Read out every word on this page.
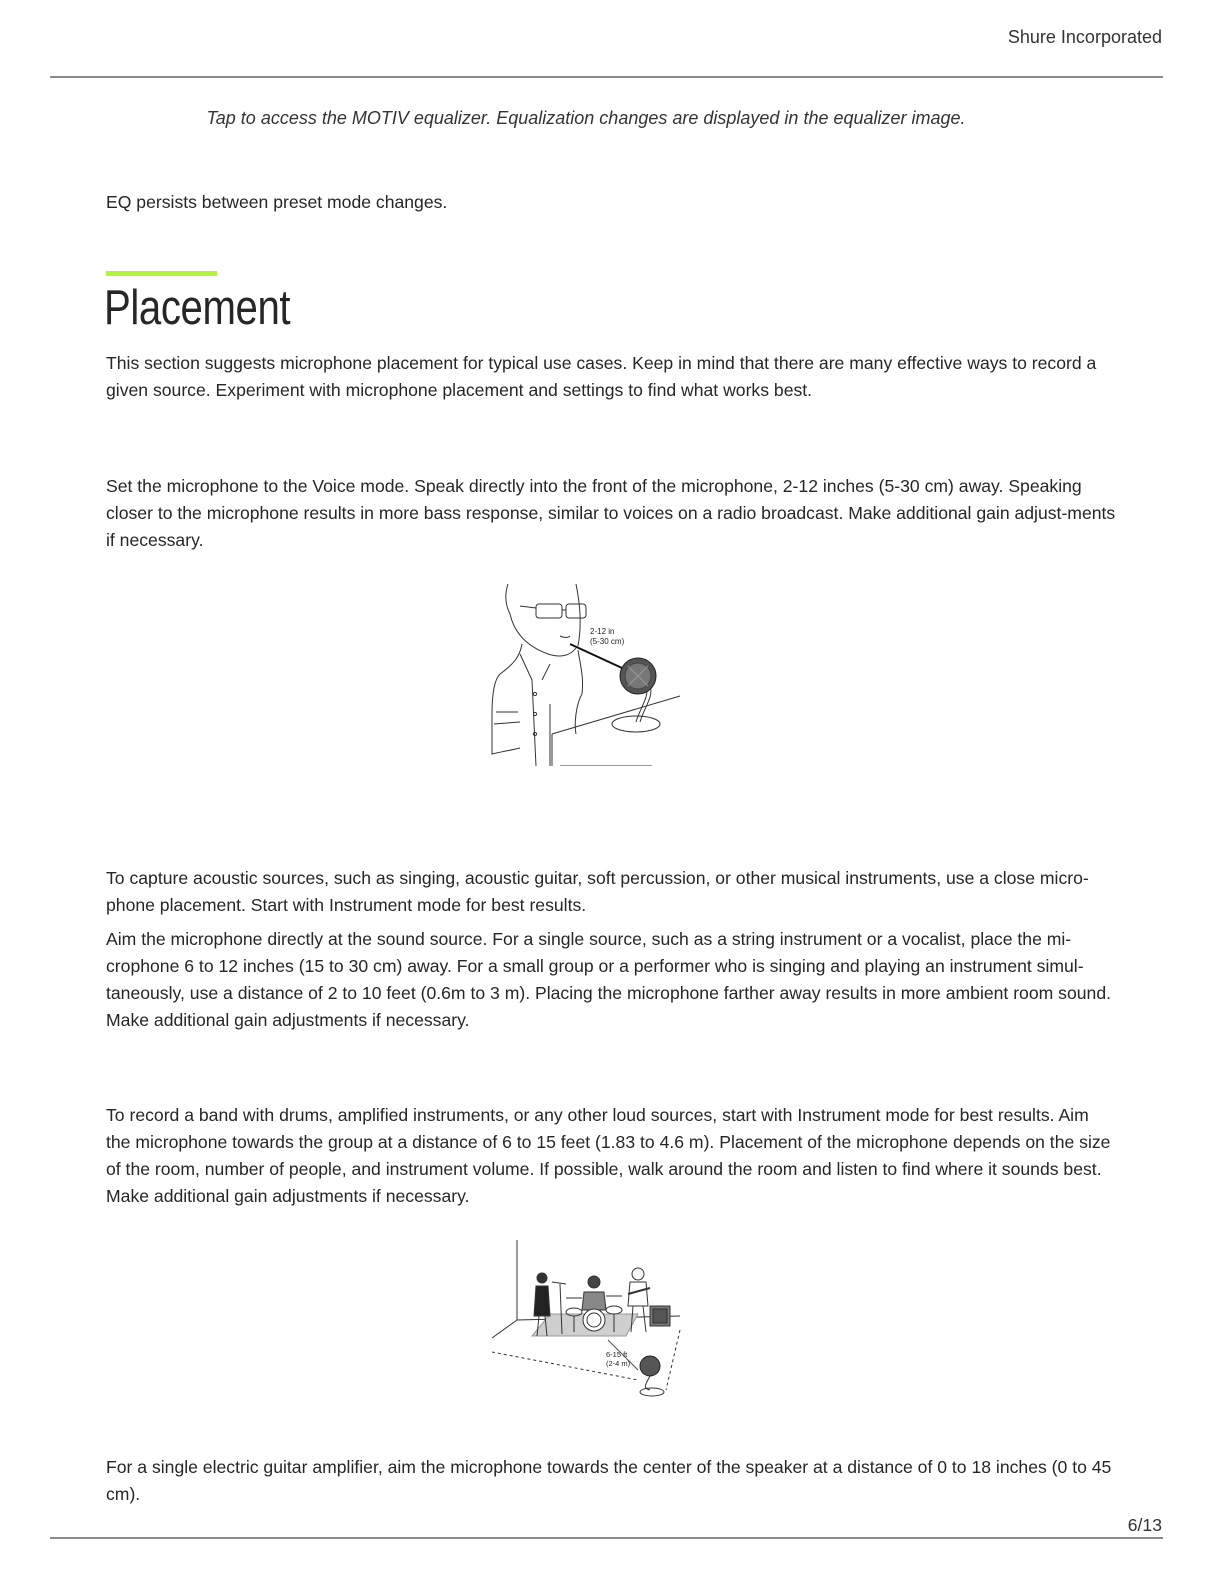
Shure Incorporated
Tap to access the MOTIV equalizer. Equalization changes are displayed in the equalizer image.

EQ persists between preset mode changes.

Placement

This section suggests microphone placement for typical use cases. Keep in mind that there are many effective ways to record a given source. Experiment with microphone placement and settings to find what works best.

Set the microphone to the Voice mode. Speak directly into the front of the microphone, 2-12 inches (5-30 cm) away. Speaking closer to the microphone results in more bass response, similar to voices on a radio broadcast. Make additional gain adjust-ments if necessary.

2-12 in
(5-30 cm)

To capture acoustic sources, such as singing, acoustic guitar, soft percussion, or other musical instruments, use a close micro-phone placement. Start with Instrument mode for best results.

Aim the microphone directly at the sound source. For a single source, such as a string instrument or a vocalist, place the mi-crophone 6 to 12 inches (15 to 30 cm) away. For a small group or a performer who is singing and playing an instrument simul-taneously, use a distance of 2 to 10 feet (0.6m to 3 m). Placing the microphone farther away results in more ambient room sound. Make additional gain adjustments if necessary.

To record a band with drums, amplified instruments, or any other loud sources, start with Instrument mode for best results. Aim the microphone towards the group at a distance of 6 to 15 feet (1.83 to 4.6 m). Placement of the microphone depends on the size of the room, number of people, and instrument volume. If possible, walk around the room and listen to find where it sounds best. Make additional gain adjustments if necessary.

6-15 ft
(2-4 m)

For a single electric guitar amplifier, aim the microphone towards the center of the speaker at a distance of 0 to 18 inches (0 to 45 cm).

6/13
